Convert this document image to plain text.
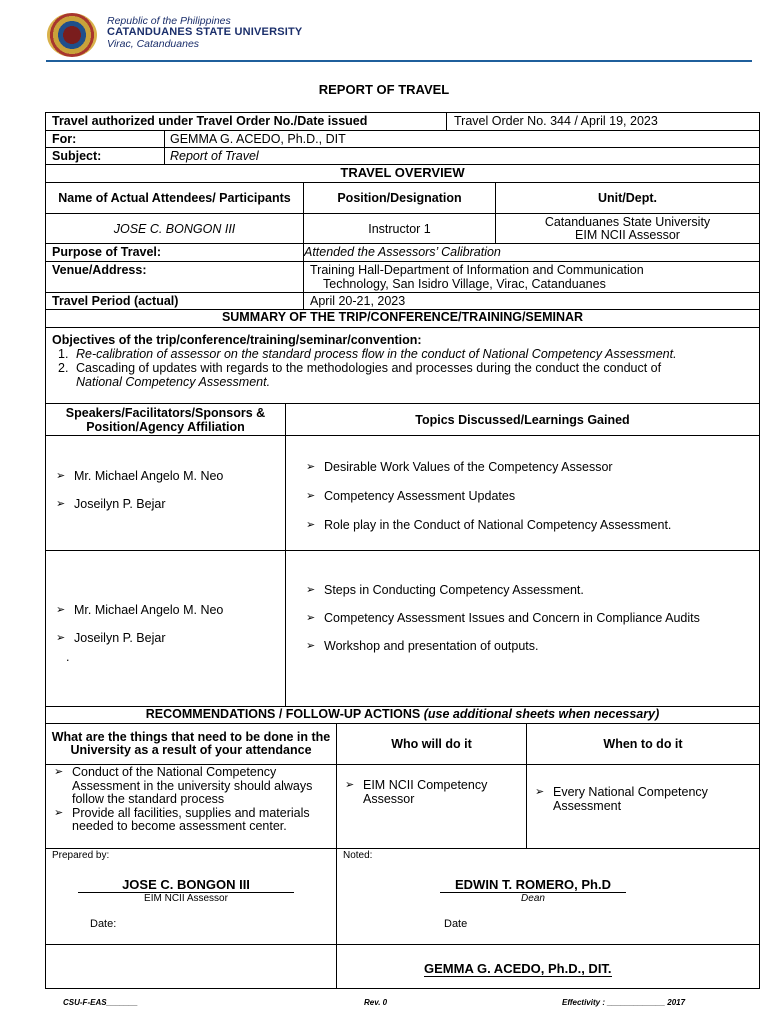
Republic of the Philippines
CATANDUANES STATE UNIVERSITY
Virac, Catanduanes
REPORT OF TRAVEL
Travel authorized under Travel Order No./Date issued	Travel Order No. 344 / April 19, 2023
For:	GEMMA G. ACEDO, Ph.D., DIT
Subject:	Report of Travel
TRAVEL OVERVIEW
Name of Actual Attendees/ Participants	Position/Designation	Unit/Dept.
JOSE C. BONGON III	Instructor 1	Catanduanes State University
EIM NCII Assessor
Purpose of Travel:	Attended the Assessors’ Calibration
Venue/Address:	Training Hall-Department of Information and Communication
Technology, San Isidro Village, Virac, Catanduanes
Travel Period (actual)	April 20-21, 2023
SUMMARY OF THE TRIP/CONFERENCE/TRAINING/SEMINAR
Objectives of the trip/conference/training/seminar/convention:
1. Re-calibration of assessor on the standard process flow in the conduct of National Competency Assessment.
2. Cascading of updates with regards to the methodologies and processes during the conduct the conduct of National Competency Assessment.
Speakers/Facilitators/Sponsors & Position/Agency Affiliation	Topics Discussed/Learnings Gained
➢ Mr. Michael Angelo M. Neo
➢ Joseilyn P. Bejar
➢ Desirable Work Values of the Competency Assessor
➢ Competency Assessment Updates
➢ Role play in the Conduct of National Competency Assessment.
➢ Mr. Michael Angelo M. Neo
➢ Joseilyn P. Bejar
.
➢ Steps in Conducting Competency Assessment.
➢ Competency Assessment Issues and Concern in Compliance Audits
➢ Workshop and presentation of outputs.
RECOMMENDATIONS / FOLLOW-UP ACTIONS (use additional sheets when necessary)
What are the things that need to be done in the University as a result of your attendance	Who will do it	When to do it
➢ Conduct of the National Competency Assessment in the university should always follow the standard process
➢ Provide all facilities, supplies and materials needed to become assessment center.
➢ EIM NCII Competency Assessor
➢	Every National Competency Assessment
Prepared by:	Noted:
JOSE C. BONGON III
EIM NCII Assessor
Date:
EDWIN T. ROMERO, Ph.D
Dean
Date
GEMMA G. ACEDO, Ph.D., DIT.
CSU-F-EAS_______	Rev. 0	Effectivity : _____________ 2017
